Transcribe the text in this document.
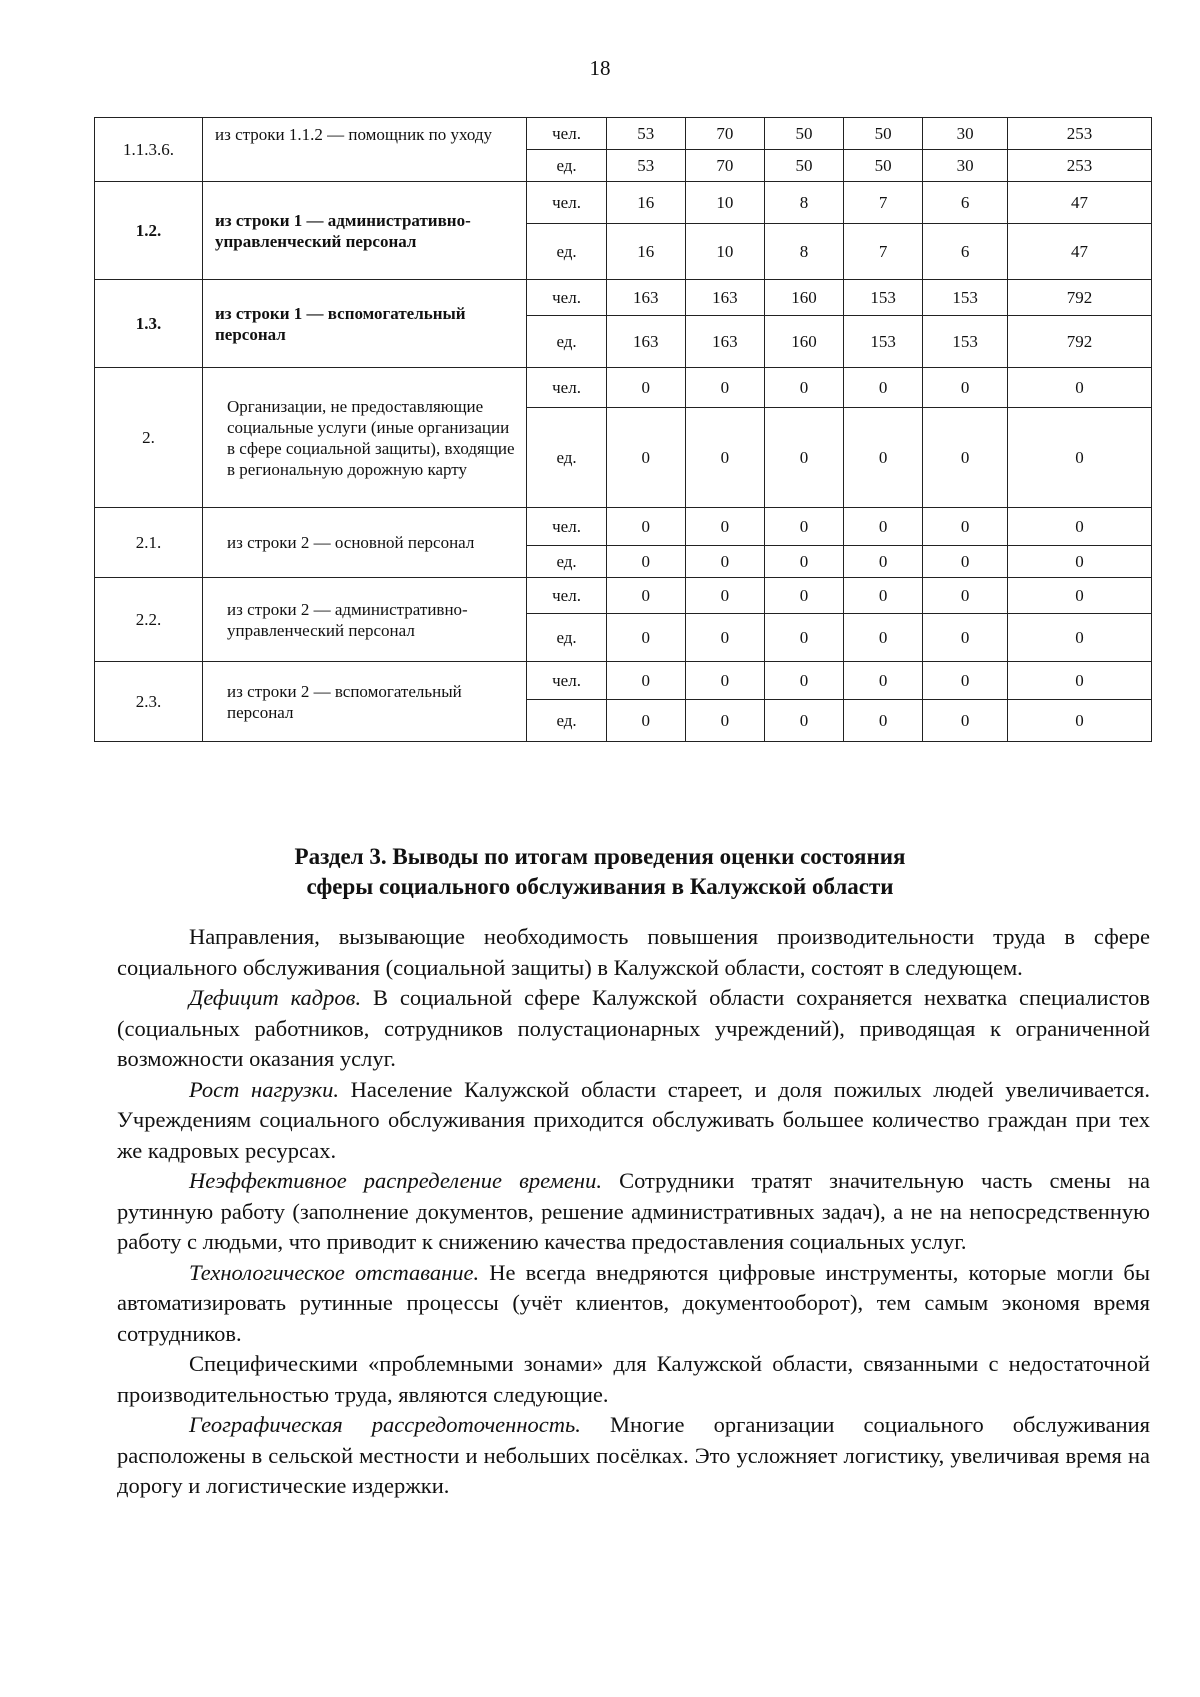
18
1.1.3.6.	из строки 1.1.2 — помощник по уходу	чел.	53	70	50	50	30	253
		ед.	53	70	50	50	30	253
1.2.	из строки 1 — административно-управленческий персонал	чел.	16	10	8	7	6	47
		ед.	16	10	8	7	6	47
1.3.	из строки 1 — вспомогательный персонал	чел.	163	163	160	153	153	792
		ед.	163	163	160	153	153	792
2.	Организации, не предоставляющие социальные услуги (иные организации в сфере социальной защиты), входящие в региональную дорожную карту	чел.	0	0	0	0	0	0
		ед.	0	0	0	0	0	0
2.1.	из строки 2 — основной персонал	чел.	0	0	0	0	0	0
		ед.	0	0	0	0	0	0
2.2.	из строки 2 — административно-управленческий персонал	чел.	0	0	0	0	0	0
		ед.	0	0	0	0	0	0
2.3.	из строки 2 — вспомогательный персонал	чел.	0	0	0	0	0	0
		ед.	0	0	0	0	0	0
Раздел 3. Выводы по итогам проведения оценки состояния
сферы социального обслуживания в Калужской области

Направления, вызывающие необходимость повышения производительности труда в сфере социального обслуживания (социальной защиты) в Калужской области, состоят в следующем.

Дефицит кадров. В социальной сфере Калужской области сохраняется нехватка специалистов (социальных работников, сотрудников полустационарных учреждений), приводящая к ограниченной возможности оказания услуг.

Рост нагрузки. Население Калужской области стареет, и доля пожилых людей увеличивается. Учреждениям социального обслуживания приходится обслуживать большее количество граждан при тех же кадровых ресурсах.

Неэффективное распределение времени. Сотрудники тратят значительную часть смены на рутинную работу (заполнение документов, решение административных задач), а не на непосредственную работу с людьми, что приводит к снижению качества предоставления социальных услуг.

Технологическое отставание. Не всегда внедряются цифровые инструменты, которые могли бы автоматизировать рутинные процессы (учёт клиентов, документооборот), тем самым экономя время сотрудников.

Специфическими «проблемными зонами» для Калужской области, связанными с недостаточной производительностью труда, являются следующие.

Географическая рассредоточенность. Многие организации социального обслуживания расположены в сельской местности и небольших посёлках. Это усложняет логистику, увеличивая время на дорогу и логистические издержки.
